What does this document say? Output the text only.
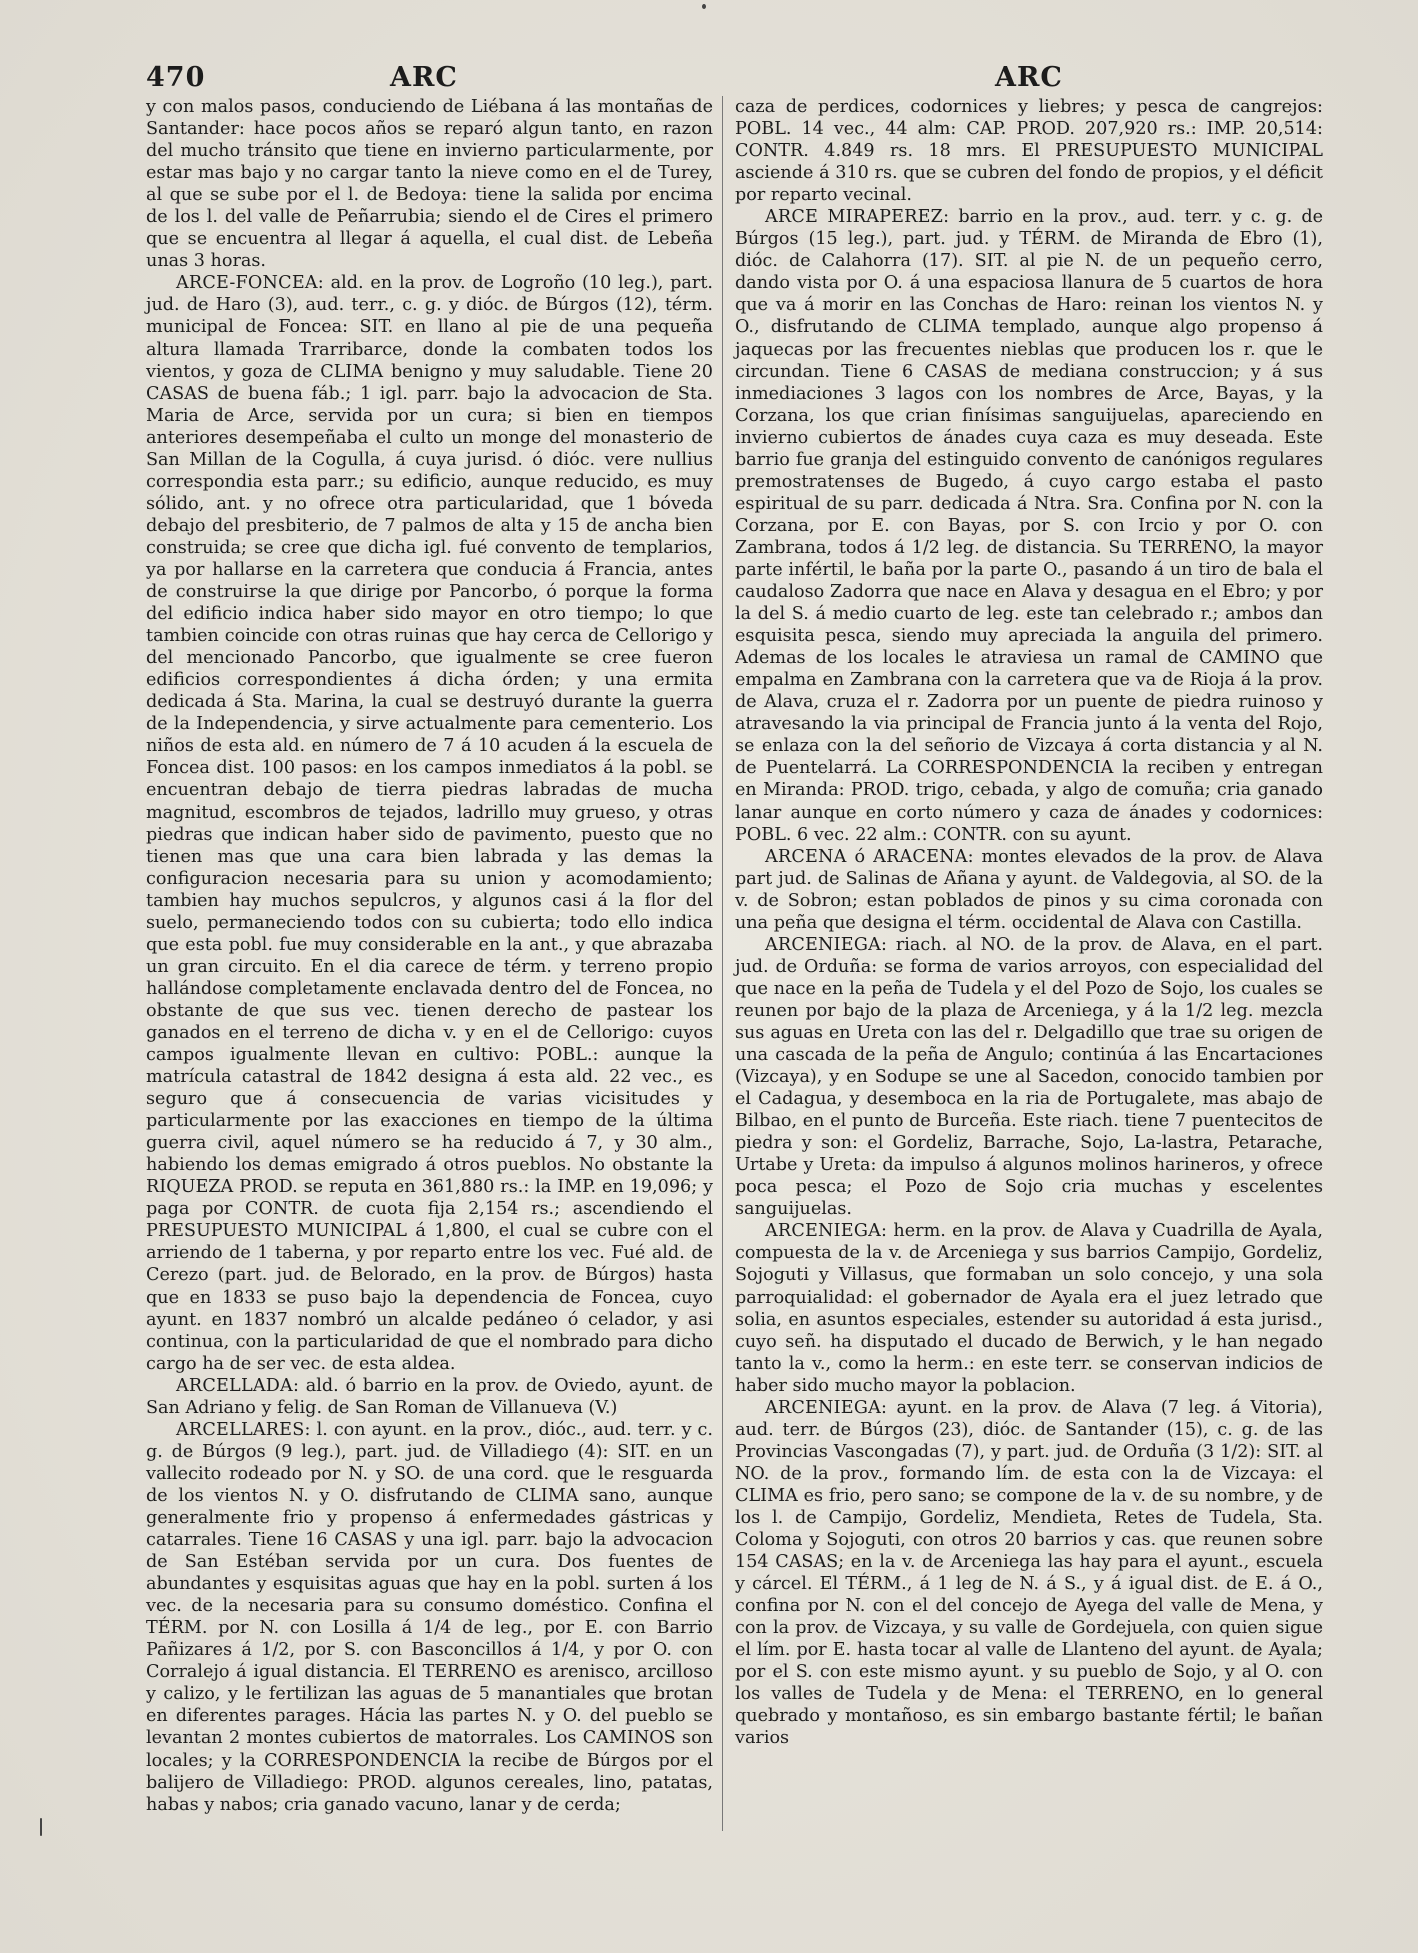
470	ARC	ARC

y con malos pasos, conduciendo de Liébana á las montañas de Santander: hace pocos años se reparó algun tanto, en razon del mucho tránsito que tiene en invierno particularmente, por estar mas bajo y no cargar tanto la nieve como en el de Turey, al que se sube por el l. de Bedoya: tiene la salida por encima de los l. del valle de Peñarrubia; siendo el de Cires el primero que se encuentra al llegar á aquella, el cual dist. de Lebeña unas 3 horas.

ARCE-FONCEA: ald. en la prov. de Logroño (10 leg.), part. jud. de Haro (3), aud. terr., c. g. y dióc. de Búrgos (12), térm. municipal de Foncea: SIT. en llano al pie de una pequeña altura llamada Trarribarce, donde la combaten todos los vientos, y goza de CLIMA benigno y muy saludable. Tiene 20 CASAS de buena fáb.; 1 igl. parr. bajo la advocacion de Sta. Maria de Arce, servida por un cura; si bien en tiempos anteriores desempeñaba el culto un monge del monasterio de San Millan de la Cogulla, á cuya jurisd. ó dióc. vere nullius correspondia esta parr.; su edificio, aunque reducido, es muy sólido, ant. y no ofrece otra particularidad, que 1 bóveda debajo del presbiterio, de 7 palmos de alta y 15 de ancha bien construida; se cree que dicha igl. fué convento de templarios, ya por hallarse en la carretera que conducia á Francia, antes de construirse la que dirige por Pancorbo, ó porque la forma del edificio indica haber sido mayor en otro tiempo; lo que tambien coincide con otras ruinas que hay cerca de Cellorigo y del mencionado Pancorbo, que igualmente se cree fueron edificios correspondientes á dicha órden; y una ermita dedicada á Sta. Marina, la cual se destruyó durante la guerra de la Independencia, y sirve actualmente para cementerio. Los niños de esta ald. en número de 7 á 10 acuden á la escuela de Foncea dist. 100 pasos: en los campos inmediatos á la pobl. se encuentran debajo de tierra piedras labradas de mucha magnitud, escombros de tejados, ladrillo muy grueso, y otras piedras que indican haber sido de pavimento, puesto que no tienen mas que una cara bien labrada y las demas la configuracion necesaria para su union y acomodamiento; tambien hay muchos sepulcros, y algunos casi á la flor del suelo, permaneciendo todos con su cubierta; todo ello indica que esta pobl. fue muy considerable en la ant., y que abrazaba un gran circuito. En el dia carece de térm. y terreno propio hallándose completamente enclavada dentro del de Foncea, no obstante de que sus vec. tienen derecho de pastear los ganados en el terreno de dicha v. y en el de Cellorigo: cuyos campos igualmente llevan en cultivo: POBL.: aunque la matrícula catastral de 1842 designa á esta ald. 22 vec., es seguro que á consecuencia de varias vicisitudes y particularmente por las exacciones en tiempo de la última guerra civil, aquel número se ha reducido á 7, y 30 alm., habiendo los demas emigrado á otros pueblos. No obstante la RIQUEZA PROD. se reputa en 361,880 rs.: la IMP. en 19,096; y paga por CONTR. de cuota fija 2,154 rs.; ascendiendo el PRESUPUESTO MUNICIPAL á 1,800, el cual se cubre con el arriendo de 1 taberna, y por reparto entre los vec. Fué ald. de Cerezo (part. jud. de Belorado, en la prov. de Búrgos) hasta que en 1833 se puso bajo la dependencia de Foncea, cuyo ayunt. en 1837 nombró un alcalde pedáneo ó celador, y asi continua, con la particularidad de que el nombrado para dicho cargo ha de ser vec. de esta aldea.

ARCELLADA: ald. ó barrio en la prov. de Oviedo, ayunt. de San Adriano y felig. de San Roman de Villanueva (V.)

ARCELLARES: l. con ayunt. en la prov., dióc., aud. terr. y c. g. de Búrgos (9 leg.), part. jud. de Villadiego (4): SIT. en un vallecito rodeado por N. y SO. de una cord. que le resguarda de los vientos N. y O. disfrutando de CLIMA sano, aunque generalmente frio y propenso á enfermedades gástricas y catarrales. Tiene 16 CASAS y una igl. parr. bajo la advocacion de San Estéban servida por un cura. Dos fuentes de abundantes y esquisitas aguas que hay en la pobl. surten á los vec. de la necesaria para su consumo doméstico. Confina el TÉRM. por N. con Losilla á 1/4 de leg., por E. con Barrio Pañizares á 1/2, por S. con Basconcillos á 1/4, y por O. con Corralejo á igual distancia. El TERRENO es arenisco, arcilloso y calizo, y le fertilizan las aguas de 5 manantiales que brotan en diferentes parages. Hácia las partes N. y O. del pueblo se levantan 2 montes cubiertos de matorrales. Los CAMINOS son locales; y la CORRESPONDENCIA la recibe de Búrgos por el balijero de Villadiego: PROD. algunos cereales, lino, patatas, habas y nabos; cria ganado vacuno, lanar y de cerda;

caza de perdices, codornices y liebres; y pesca de cangrejos: POBL. 14 vec., 44 alm: CAP. PROD. 207,920 rs.: IMP. 20,514: CONTR. 4.849 rs. 18 mrs. El PRESUPUESTO MUNICIPAL asciende á 310 rs. que se cubren del fondo de propios, y el déficit por reparto vecinal.

ARCE MIRAPEREZ: barrio en la prov., aud. terr. y c. g. de Búrgos (15 leg.), part. jud. y TÉRM. de Miranda de Ebro (1), dióc. de Calahorra (17). SIT. al pie N. de un pequeño cerro, dando vista por O. á una espaciosa llanura de 5 cuartos de hora que va á morir en las Conchas de Haro: reinan los vientos N. y O., disfrutando de CLIMA templado, aunque algo propenso á jaquecas por las frecuentes nieblas que producen los r. que le circundan. Tiene 6 CASAS de mediana construccion; y á sus inmediaciones 3 lagos con los nombres de Arce, Bayas, y la Corzana, los que crian finísimas sanguijuelas, apareciendo en invierno cubiertos de ánades cuya caza es muy deseada. Este barrio fue granja del estinguido convento de canónigos regulares premostratenses de Bugedo, á cuyo cargo estaba el pasto espiritual de su parr. dedicada á Ntra. Sra. Confina por N. con la Corzana, por E. con Bayas, por S. con Ircio y por O. con Zambrana, todos á 1/2 leg. de distancia. Su TERRENO, la mayor parte infértil, le baña por la parte O., pasando á un tiro de bala el caudaloso Zadorra que nace en Alava y desagua en el Ebro; y por la del S. á medio cuarto de leg. este tan celebrado r.; ambos dan esquisita pesca, siendo muy apreciada la anguila del primero. Ademas de los locales le atraviesa un ramal de CAMINO que empalma en Zambrana con la carretera que va de Rioja á la prov. de Alava, cruza el r. Zadorra por un puente de piedra ruinoso y atravesando la via principal de Francia junto á la venta del Rojo, se enlaza con la del señorio de Vizcaya á corta distancia y al N. de Puentelarrá. La CORRESPONDENCIA la reciben y entregan en Miranda: PROD. trigo, cebada, y algo de comuña; cria ganado lanar aunque en corto número y caza de ánades y codornices: POBL. 6 vec. 22 alm.: CONTR. con su ayunt.

ARCENA ó ARACENA: montes elevados de la prov. de Alava part jud. de Salinas de Añana y ayunt. de Valdegovia, al SO. de la v. de Sobron; estan poblados de pinos y su cima coronada con una peña que designa el térm. occidental de Alava con Castilla.

ARCENIEGA: riach. al NO. de la prov. de Alava, en el part. jud. de Orduña: se forma de varios arroyos, con especialidad del que nace en la peña de Tudela y el del Pozo de Sojo, los cuales se reunen por bajo de la plaza de Arceniega, y á la 1/2 leg. mezcla sus aguas en Ureta con las del r. Delgadillo que trae su origen de una cascada de la peña de Angulo; continúa á las Encartaciones (Vizcaya), y en Sodupe se une al Sacedon, conocido tambien por el Cadagua, y desemboca en la ria de Portugalete, mas abajo de Bilbao, en el punto de Burceña. Este riach. tiene 7 puentecitos de piedra y son: el Gordeliz, Barrache, Sojo, La-lastra, Petarache, Urtabe y Ureta: da impulso á algunos molinos harineros, y ofrece poca pesca; el Pozo de Sojo cria muchas y escelentes sanguijuelas.

ARCENIEGA: herm. en la prov. de Alava y Cuadrilla de Ayala, compuesta de la v. de Arceniega y sus barrios Campijo, Gordeliz, Sojoguti y Villasus, que formaban un solo concejo, y una sola parroquialidad: el gobernador de Ayala era el juez letrado que solia, en asuntos especiales, estender su autoridad á esta jurisd., cuyo señ. ha disputado el ducado de Berwich, y le han negado tanto la v., como la herm.: en este terr. se conservan indicios de haber sido mucho mayor la poblacion.

ARCENIEGA: ayunt. en la prov. de Alava (7 leg. á Vitoria), aud. terr. de Búrgos (23), dióc. de Santander (15), c. g. de las Provincias Vascongadas (7), y part. jud. de Orduña (3 1/2): SIT. al NO. de la prov., formando lím. de esta con la de Vizcaya: el CLIMA es frio, pero sano; se compone de la v. de su nombre, y de los l. de Campijo, Gordeliz, Mendieta, Retes de Tudela, Sta. Coloma y Sojoguti, con otros 20 barrios y cas. que reunen sobre 154 CASAS; en la v. de Arceniega las hay para el ayunt., escuela y cárcel. El TÉRM., á 1 leg de N. á S., y á igual dist. de E. á O., confina por N. con el del concejo de Ayega del valle de Mena, y con la prov. de Vizcaya, y su valle de Gordejuela, con quien sigue el lím. por E. hasta tocar al valle de Llanteno del ayunt. de Ayala; por el S. con este mismo ayunt. y su pueblo de Sojo, y al O. con los valles de Tudela y de Mena: el TERRENO, en lo general quebrado y montañoso, es sin embargo bastante fértil; le bañan varios
